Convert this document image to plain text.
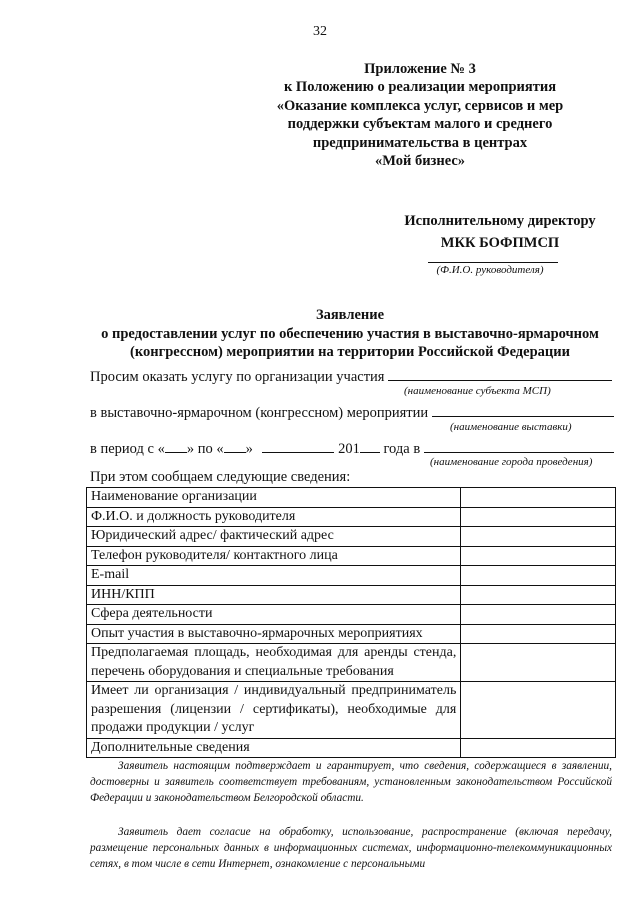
32
Приложение № 3
к Положению о реализации мероприятия
«Оказание комплекса услуг, сервисов и мер
поддержки субъектам малого и среднего
предпринимательства в центрах
«Мой бизнес»
Исполнительному директору
МКК БОФПМСП
(Ф.И.О. руководителя)
Заявление
о предоставлении услуг по обеспечению участия в выставочно-ярмарочном
(конгрессном) мероприятии на территории Российской Федерации
Просим оказать услугу по организации участия
(наименование субъекта МСП)
в выставочно-ярмарочном (конгрессном) мероприятии
(наименование выставки)
в период с « » по « »	201 года в
(наименование города проведения)
При этом сообщаем следующие сведения:
Наименование организации	
Ф.И.О. и должность руководителя	
Юридический адрес/ фактический адрес	
Телефон руководителя/ контактного лица	
E-mail	
ИНН/КПП	
Сфера деятельности	
Опыт участия в выставочно-ярмарочных мероприятиях	
Предполагаемая площадь, необходимая для аренды стенда, перечень оборудования и специальные требования	
Имеет ли организация / индивидуальный предприниматель разрешения (лицензии / сертификаты), необходимые для продажи продукции / услуг	
Дополнительные сведения	
Заявитель настоящим подтверждает и гарантирует, что сведения, содержащиеся в заявлении, достоверны и заявитель соответствует требованиям, установленным законодательством Российской Федерации и законодательством Белгородской области.
Заявитель дает согласие на обработку, использование, распространение (включая передачу, размещение персональных данных в информационных системах, информационно-телекоммуникационных сетях, в том числе в сети Интернет, ознакомление с персональными
